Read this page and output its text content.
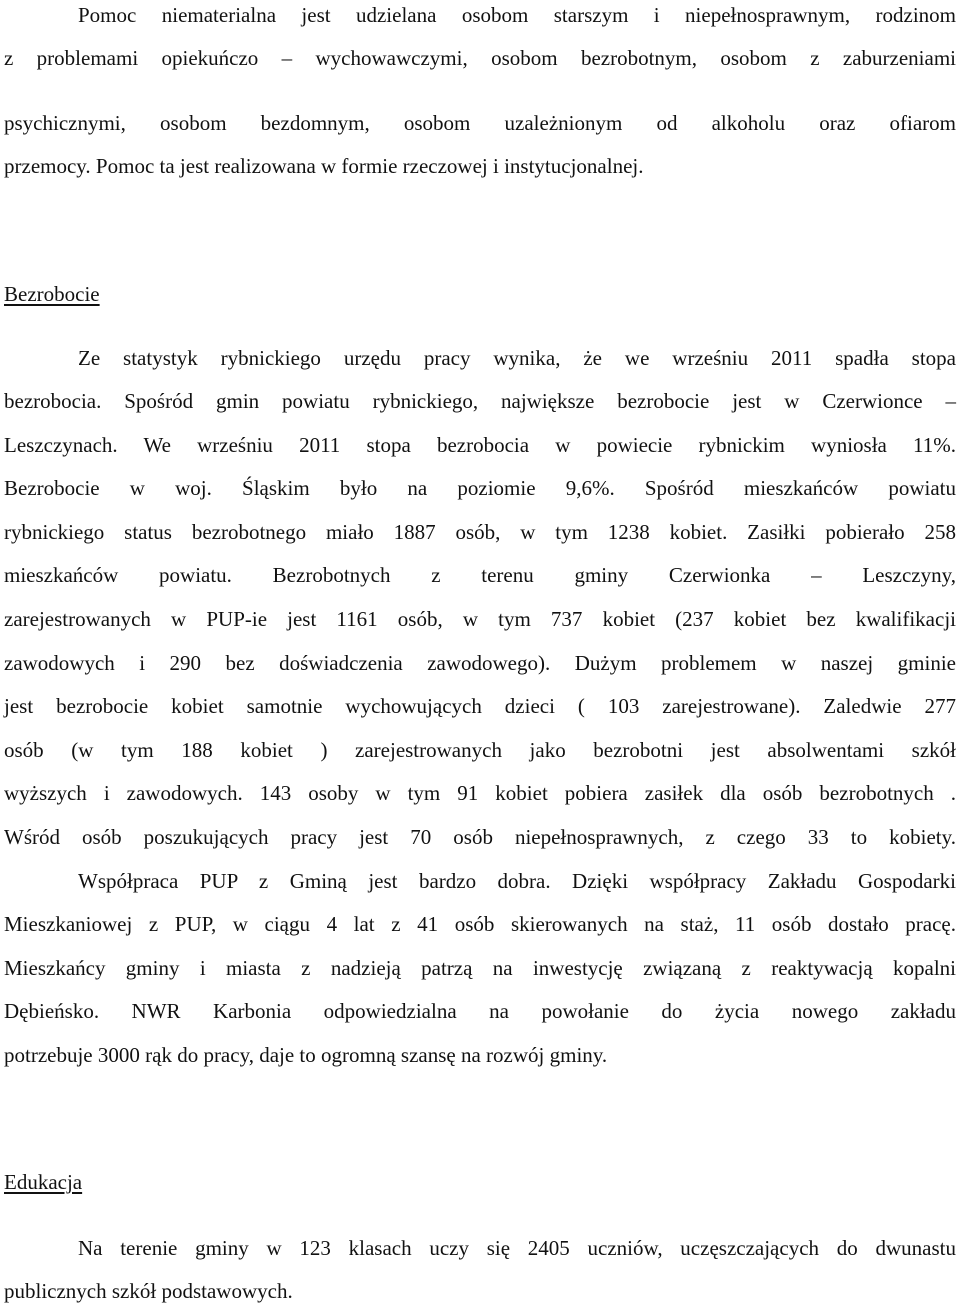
Pomoc niematerialna jest udzielana osobom starszym i niepełnosprawnym, rodzinom
z problemami opiekuńczo – wychowawczymi, osobom bezrobotnym, osobom z zaburzeniami
psychicznymi, osobom bezdomnym, osobom uzależnionym od alkoholu oraz ofiarom
przemocy. Pomoc ta jest realizowana w formie rzeczowej i instytucjonalnej.
Bezrobocie
Ze statystyk rybnickiego urzędu pracy wynika, że we wrześniu 2011 spadła stopa
bezrobocia. Spośród gmin powiatu rybnickiego, największe bezrobocie jest w Czerwionce –
Leszczynach. We wrześniu 2011 stopa bezrobocia w powiecie rybnickim wyniosła 11%.
Bezrobocie w woj. Śląskim było na poziomie 9,6%. Spośród mieszkańców powiatu
rybnickiego status bezrobotnego miało 1887 osób, w tym 1238 kobiet. Zasiłki pobierało 258
mieszkańców powiatu. Bezrobotnych z terenu gminy Czerwionka – Leszczyny,
zarejestrowanych w PUP-ie jest 1161 osób, w tym 737 kobiet (237 kobiet bez kwalifikacji
zawodowych i 290 bez doświadczenia zawodowego). Dużym problemem w naszej gminie
jest bezrobocie kobiet samotnie wychowujących dzieci ( 103 zarejestrowane). Zaledwie 277
osób (w tym 188 kobiet ) zarejestrowanych jako bezrobotni jest absolwentami szkół
wyższych i zawodowych. 143 osoby w tym 91 kobiet pobiera zasiłek dla osób bezrobotnych .
Wśród osób poszukujących pracy jest 70 osób niepełnosprawnych, z czego 33 to kobiety.
Współpraca PUP z Gminą jest bardzo dobra. Dzięki współpracy Zakładu Gospodarki
Mieszkaniowej z PUP, w ciągu 4 lat z 41 osób skierowanych na staż, 11 osób dostało pracę.
Mieszkańcy gminy i miasta z nadzieją patrzą na inwestycję związaną z reaktywacją kopalni
Dębieńsko. NWR Karbonia odpowiedzialna na powołanie do życia nowego zakładu
potrzebuje 3000 rąk do pracy, daje to ogromną szansę na rozwój gminy.
Edukacja
Na terenie gminy w 123 klasach uczy się 2405 uczniów, uczęszczających do dwunastu
publicznych szkół podstawowych.
